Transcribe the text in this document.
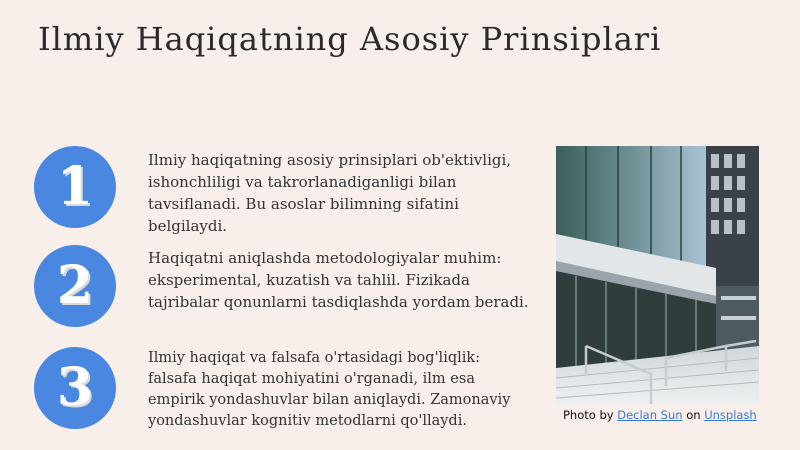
Ilmiy Haqiqatning Asosiy Prinsiplari
1	Ilmiy haqiqatning asosiy prinsiplari ob'ektivligi, ishonchliligi va takrorlanadiganligi bilan tavsiflanadi. Bu asoslar bilimning sifatini belgilaydi.

2	Haqiqatni aniqlashda metodologiyalar muhim: eksperimental, kuzatish va tahlil. Fizikada tajribalar qonunlarni tasdiqlashda yordam beradi.

3	Ilmiy haqiqat va falsafa o'rtasidagi bog'liqlik: falsafa haqiqat mohiyatini o'rganadi, ilm esa empirik yondashuvlar bilan aniqlaydi. Zamonaviy yondashuvlar kognitiv metodlarni qo'llaydi.	Photo by Declan Sun on Unsplash
